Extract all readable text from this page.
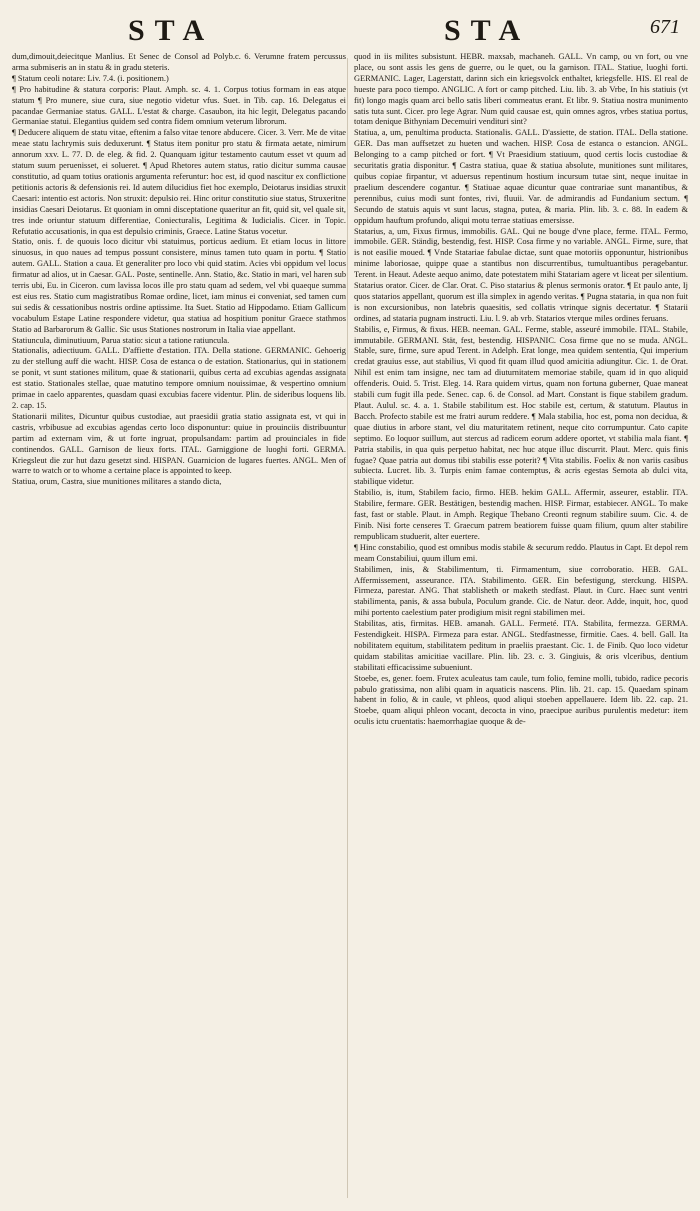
STA	STA	671

dum,dimouit,deiecitque Manlius. Et Senec de Consol ad Polyb.c. 6. Verumne fratem percussus arma submiseris an in statu & in gradu steteris.

¶ Statum ceoli notare: Liv. 7.4. (i. positionem.)

¶ Pro habitudine & statura corporis: Plaut. Amph. sc. 4. 1. Corpus totius formam in eas atque statum ¶ Pro munere, siue cura, siue negotio videtur vfus. Suet. in Tib. cap. 16. Delegatus ei pacandae Germaniae status. GALL. L'estat & charge. Casaubon, ita hic legit, Delegatus pacando Germaniae statui. Elegantius quidem sed contra fidem omnium veterum librorum.

¶ Deducere aliquem de statu vitae, eftenim a falso vitae tenore abducere. Cicer. 3. Verr. Me de vitae meae statu lachrymis suis deduxerunt. ¶ Status item ponitur pro statu & firmata aetate, nimirum annorum xxv. L. 77. D. de eleg. & fid. 2. Quanquam igitur testamento cautum esset vt quum ad statum suum peruenisset, ei solueret. ¶ Apud Rhetores autem status, ratio dicitur summa causae constitutio, ad quam totius orationis argumenta referuntur: hoc est, id quod nascitur ex conflictione petitionis actoris & defensionis rei. Id autem dilucidius fiet hoc exemplo, Deiotarus insidias struxit Caesari: intentio est actoris. Non struxit: depulsio rei. Hinc oritur constitutio siue status, Struxeritne insidias Caesari Deiotarus. Et quoniam in omni disceptatione quaeritur an fit, quid sit, vel quale sit, tres inde oriuntur statuum differentiae, Coniecturalis, Legitima & Iudicialis. Cicer. in Topic. Refutatio accusationis, in qua est depulsio criminis, Graece. Latine Status vocetur.

Statio, onis. f. de quouis loco dicitur vbi statuimus, porticus aedium. Et etiam locus in littore sinuosus, in quo naues ad tempus possunt consistere, minus tamen tuto quam in portu. ¶ Statio autem. GALL. Station a caua. Et generaliter pro loco vbi quid statim. Acies vbi oppidum vel locus firmatur ad alios, ut in Caesar. GAL. Poste, sentinelle. Ann. Statio, &c. Statio in mari, vel haren sub terris ubi, Eu. in Ciceron. cum lavissa locos ille pro statu quam ad sedem, vel vbi quaeque summa est eius res. Statio cum magistratibus Romae ordine, licet, iam minus ei conveniat, sed tamen cum sui sedis & cessationibus nostris ordine aptissime. Ita Suet. Statio ad Hippodamo. Etiam Gallicum vocabulum Estape Latine respondere videtur, qua statiua ad hospitium ponitur Graece stathmos Statio ad Barbarorum & Gallic. Sic usus Stationes nostrorum in Italia viae appellant.

Statiuncula, diminutiuum, Parua statio: sicut a tatione ratiuncula.

Stationalis, adiectiuum. GALL. D'affiette d'estation. ITA. Della statione. GERMANIC. Gehoerig zu der stellung auff die wacht. HISP. Cosa de estanca o de estation. Stationarius, qui in stationem se ponit, vt sunt stationes militum, quae & stationarii, quibus certa ad excubias agendas assignata est statio. Stationales stellae, quae matutino tempore omnium nouissimae, & vespertino omnium primae in caelo apparentes, quasdam quasi excubias facere videntur. Plin. de sideribus loquens lib. 2. cap. 15.

Stationarii milites, Dicuntur quibus custodiae, aut praesidii gratia statio assignata est, vt qui in castris, vrbibusue ad excubias agendas certo loco disponuntur: quiue in prouinciis distribuuntur partim ad externam vim, & ut forte ingruat, propulsandam: partim ad prouinciales in fide continendos. GALL. Garnison de lieux forts. ITAL. Garniggione de luoghi forti. GERMA. Kriegsleut die zur hut dazu gesetzt sind. HISPAN. Guarnicion de lugares fuertes. ANGL. Men of warre to watch or to whome a certaine place is appointed to keep.

Statiua, orum, Castra, siue munitiones militares a stando dicta,

quod in iis milites subsistunt. HEBR. maxsab, machaneh. GALL. Vn camp, ou vn fort, ou vne place, ou sont assis les gens de guerre, ou le quet, ou la garnison. ITAL. Statiue, luoghi forti. GERMANIC. Lager, Lagerstatt, darinn sich ein kriegsvolck enthaltet, kriegsfelle. HIS. El real de hueste para poco tiempo. ANGLIC. A fort or camp pitched. Liu. lib. 3. ab Vrbe, In his statiuis (vt fit) longo magis quam arci bello satis liberi commeatus erant. Et libr. 9. Statiua nostra munimento satis tuta sunt. Cicer. pro lege Agrar. Num quid causae est, quin omnes agros, vrbes statiua portus, totam denique Bithyniam Decemuiri vendituri sint?

Statiua, a, um, penultima producta. Stationalis. GALL. D'assiette, de station. ITAL. Della statione. GER. Das man auffsetzet zu hueten und wachen. HISP. Cosa de estanca o estancion. ANGL. Belonging to a camp pitched or fort. ¶ Vt Praesidium statiuum, quod certis locis custodiae & securitatis gratia disponitur. ¶ Castra statiua, quae & statiua absolute, munitiones sunt militares, quibus copiae firpantur, vt aduersus repentinum hostium incursum tutae sint, neque inuitae in praelium descendere cogantur. ¶ Statiuae aquae dicuntur quae contrariae sunt manantibus, & perennibus, cuius modi sunt fontes, rivi, fluuii. Var. de admirandis ad Fundanium sectum. ¶ Secundo de statuis aquis vt sunt lacus, stagna, putea, & maria. Plin. lib. 3. c. 88. In eadem & oppidum hauftum profundo, aliqui motu terrae statiuas emersisse.

Statarius, a, um, Fixus firmus, immobilis. GAL. Qui ne bouge d'vne place, ferme. ITAL. Fermo, immobile. GER. Ständig, bestendig, fest. HISP. Cosa firme y no variable. ANGL. Firme, sure, that is not easilie moued. ¶ Vnde Statariae fabulae dictae, sunt quae motoriis opponuntur, histrionibus minime laboriosae, quippe quae a stantibus non discurrentibus, tumultuantibus peragebantur. Terent. in Heaut. Adeste aequo animo, date potestatem mihi Statariam agere vt liceat per silentium. Statarius orator. Cicer. de Clar. Orat. C. Piso statarius & plenus sermonis orator. ¶ Et paulo ante, Ij quos statarios appellant, quorum est illa simplex in agendo veritas. ¶ Pugna stataria, in qua non fuit is non excursionibus, non latebris quaesitis, sed collatis vtrinque signis decertatur. ¶ Statarii ordines, ad stataria pugnam instructi. Liu. l. 9. ab vrb. Statarios vterque miles ordines feruans.

Stabilis, e, Firmus, & fixus. HEB. neeman. GAL. Ferme, stable, asseuré immobile. ITAL. Stabile, immutabile. GERMANI. Stät, fest, bestendig. HISPANIC. Cosa firme que no se muda. ANGL. Stable, sure, firme, sure apud Terent. in Adelph. Erat longe, mea quidem sententia, Qui imperium credat grauius esse, aut stabilius, Vi quod fit quam illud quod amicitia adiungitur. Cic. 1. de Orat. Nihil est enim tam insigne, nec tam ad diuturnitatem memoriae stabile, quam id in quo aliquid offenderis. Ouid. 5. Trist. Eleg. 14. Rara quidem virtus, quam non fortuna guberner, Quae maneat stabili cum fugit illa pede. Senec. cap. 6. de Consol. ad Mart. Constant is fique stabilem gradum. Plaut. Aulul. sc. 4. a. 1. Stabile stabilitum est. Hoc stabile est, certum, & statutum. Plautus in Bacch. Profecto stabile est me fratri aurum reddere. ¶ Mala stabilia, hoc est, poma non decidua, & quae diutius in arbore stant, vel diu maturitatem retinent, neque cito corrumpuntur. Cato capite septimo. Eo loquor suillum, aut stercus ad radicem eorum addere oportet, vt stabilia mala fiant. ¶ Patria stabilis, in qua quis perpetuo habitat, nec huc atque illuc discurrit. Plaut. Merc. quis finis fugae? Quae patria aut domus tibi stabilis esse poterit? ¶ Vita stabilis. Foelix & non variis casibus subiecta. Lucret. lib. 3. Turpis enim famae contemptus, & acris egestas Semota ab dulci vita, stabilique videtur.

Stabilio, is, itum, Stabilem facio, firmo. HEB. hekim GALL. Affermir, asseurer, establir. ITA. Stabilire, fermare. GER. Bestätigen, bestendig machen. HISP. Firmar, estabiecer. ANGL. To make fast, fast or stable. Plaut. in Amph. Regique Thebano Creonti regnum stabilire suum. Cic. 4. de Finib. Nisi forte censeres T. Graecum patrem beatiorem fuisse quam filium, quum alter stabilire rempublicam studuerit, alter euertere.

¶ Hinc constabilio, quod est omnibus modis stabile & securum reddo. Plautus in Capt. Et depol rem meam Constabiliui, quum illum emi.

Stabilimen, inis, & Stabilimentum, ti. Firmamentum, siue corroboratio. HEB. GAL. Affermissement, asseurance. ITA. Stabilimento. GER. Ein befestigung, sterckung. HISPA. Firmeza, parestar. ANG. That stablisheth or maketh stedfast. Plaut. in Curc. Haec sunt ventri stabilimenta, panis, & assa bubula, Poculum grande. Cic. de Natur. deor. Adde, inquit, hoc, quod mihi portento caelestium pater prodigium misit regni stabilimen mei.

Stabilitas, atis, firmitas. HEB. amanah. GALL. Fermeté. ITA. Stabilita, fermezza. GERMA. Festendigkeit. HISPA. Firmeza para estar. ANGL. Stedfastnesse, firmitie. Caes. 4. bell. Gall. Ita nobilitatem equitum, stabilitatem peditum in praeliis praestant. Cic. 1. de Finib. Quo loco videtur quidam stabilitas amicitiae vacillare. Plin. lib. 23. c. 3. Gingiuis, & oris vlceribus, dentium stabilitati efficacissime subueniunt.

Stoebe, es, gener. foem. Frutex aculeatus tam caule, tum folio, femine molli, tubido, radice pecoris pabulo gratissima, non alibi quam in aquaticis nascens. Plin. lib. 21. cap. 15. Quaedam spinam habent in folio, & in caule, vt phleos, quod aliqui stoeben appellauere. Idem lib. 22. cap. 21. Stoebe, quam aliqui phleon vocant, decocta in vino, praecipue auribus purulentis medetur: item oculis ictu cruentatis: haemorrhagiae quoque & de-
